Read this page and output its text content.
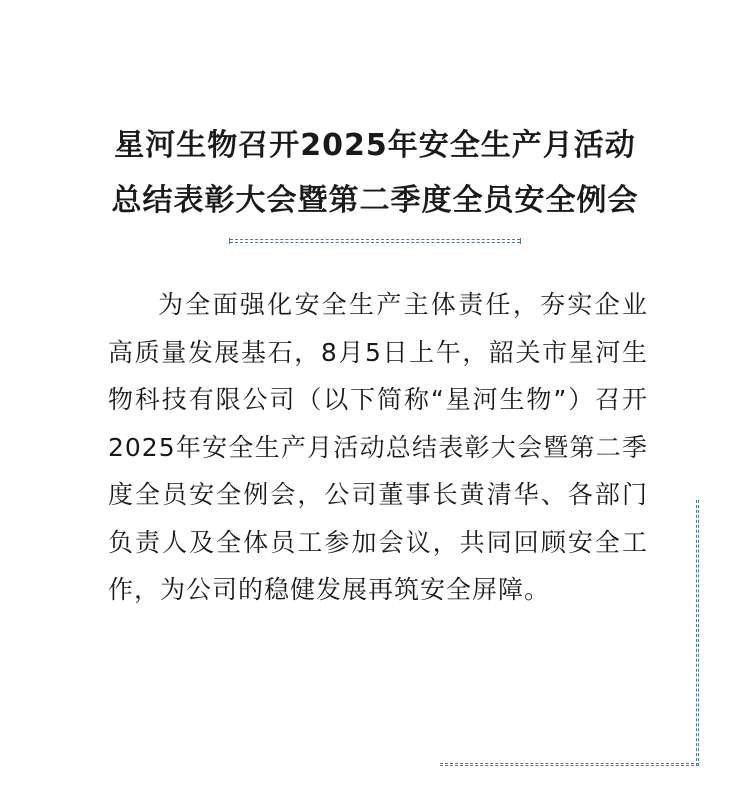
星河生物召开2025年安全生产月活动
总结表彰大会暨第二季度全员安全例会

为全面强化安全生产主体责任，夯实企业高质量发展基石，8月5日上午，韶关市星河生物科技有限公司（以下简称“星河生物”）召开2025年安全生产月活动总结表彰大会暨第二季度全员安全例会，公司董事长黄清华、各部门负责人及全体员工参加会议，共同回顾安全工作，为公司的稳健发展再筑安全屏障。
